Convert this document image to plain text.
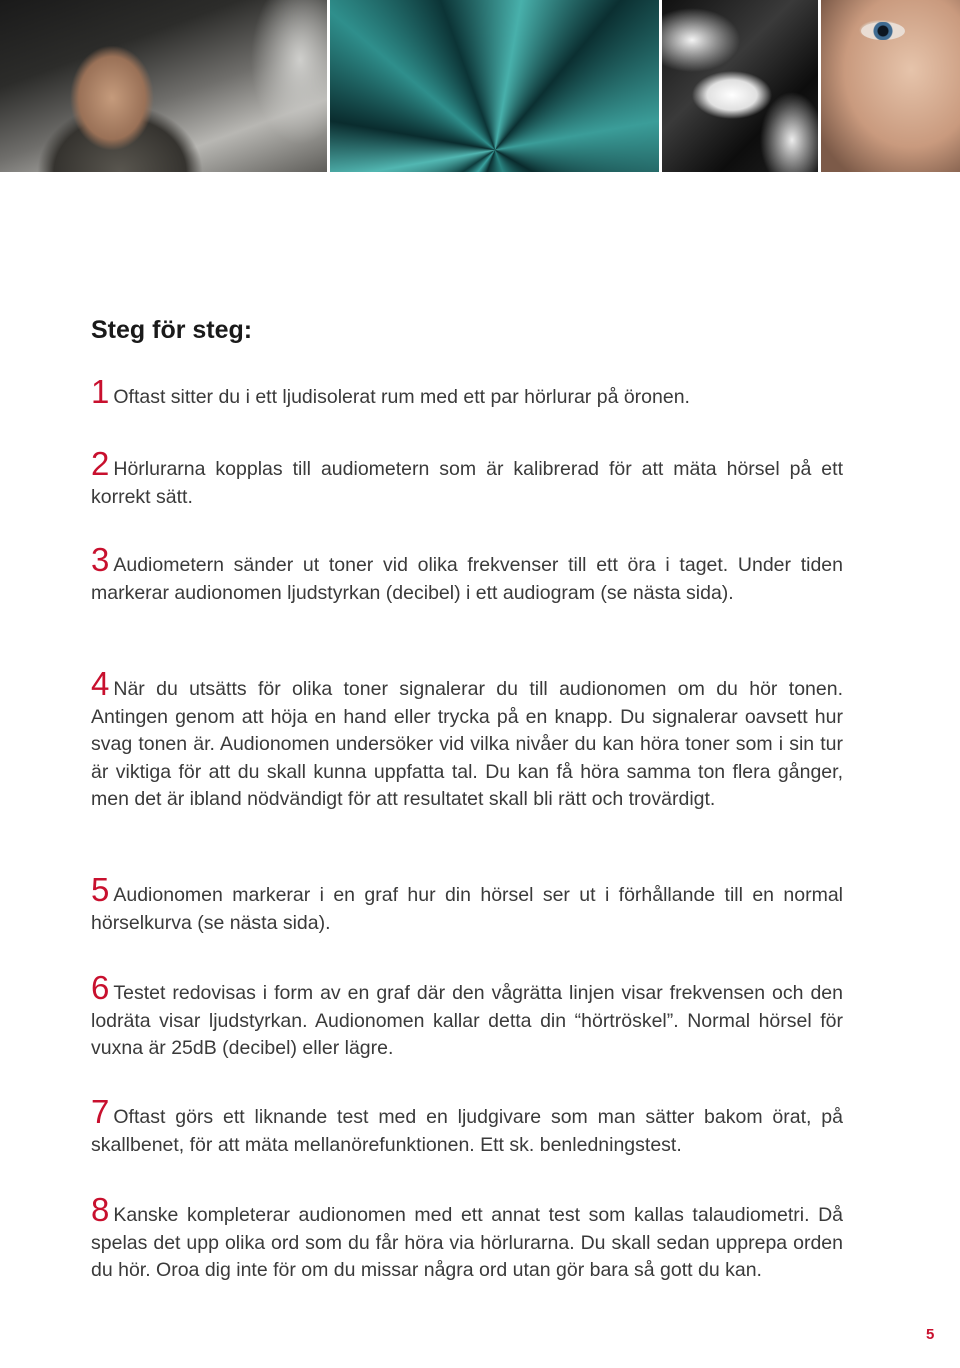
Steg för steg:

1 Oftast sitter du i ett ljudisolerat rum med ett par hörlurar på öronen.

2 Hörlurarna kopplas till audiometern som är kalibrerad för att mäta hörsel på ett korrekt sätt.

3 Audiometern sänder ut toner vid olika frekvenser till ett öra i taget. Under tiden markerar audionomen ljudstyrkan (decibel) i ett audiogram (se nästa sida).

4 När du utsätts för olika toner signalerar du till audionomen om du hör tonen. Antingen genom att höja en hand eller trycka på en knapp. Du signalerar oavsett hur svag tonen är. Audionomen undersöker vid vilka nivåer du kan höra toner som i sin tur är viktiga för att du skall kunna uppfatta tal. Du kan få höra samma ton flera gånger, men det är ibland nödvändigt för att resultatet skall bli rätt och trovärdigt.

5 Audionomen markerar i en graf hur din hörsel ser ut i förhållande till en normal hörselkurva (se nästa sida).

6 Testet redovisas i form av en graf där den vågrätta linjen visar frekvensen och den lodräta visar ljudstyrkan. Audionomen kallar detta din “hörtröskel”. Normal hörsel för vuxna är 25dB (decibel) eller lägre.

7 Oftast görs ett liknande test med en ljudgivare som man sätter bakom örat, på skallbenet, för att mäta mellanörefunktionen. Ett sk. benledningstest.

8 Kanske kompleterar audionomen med ett annat test som kallas talaudiometri. Då spelas det upp olika ord som du får höra via hörlurarna. Du skall sedan upprepa orden du hör. Oroa dig inte för om du missar några ord utan gör bara så gott du kan.

5
